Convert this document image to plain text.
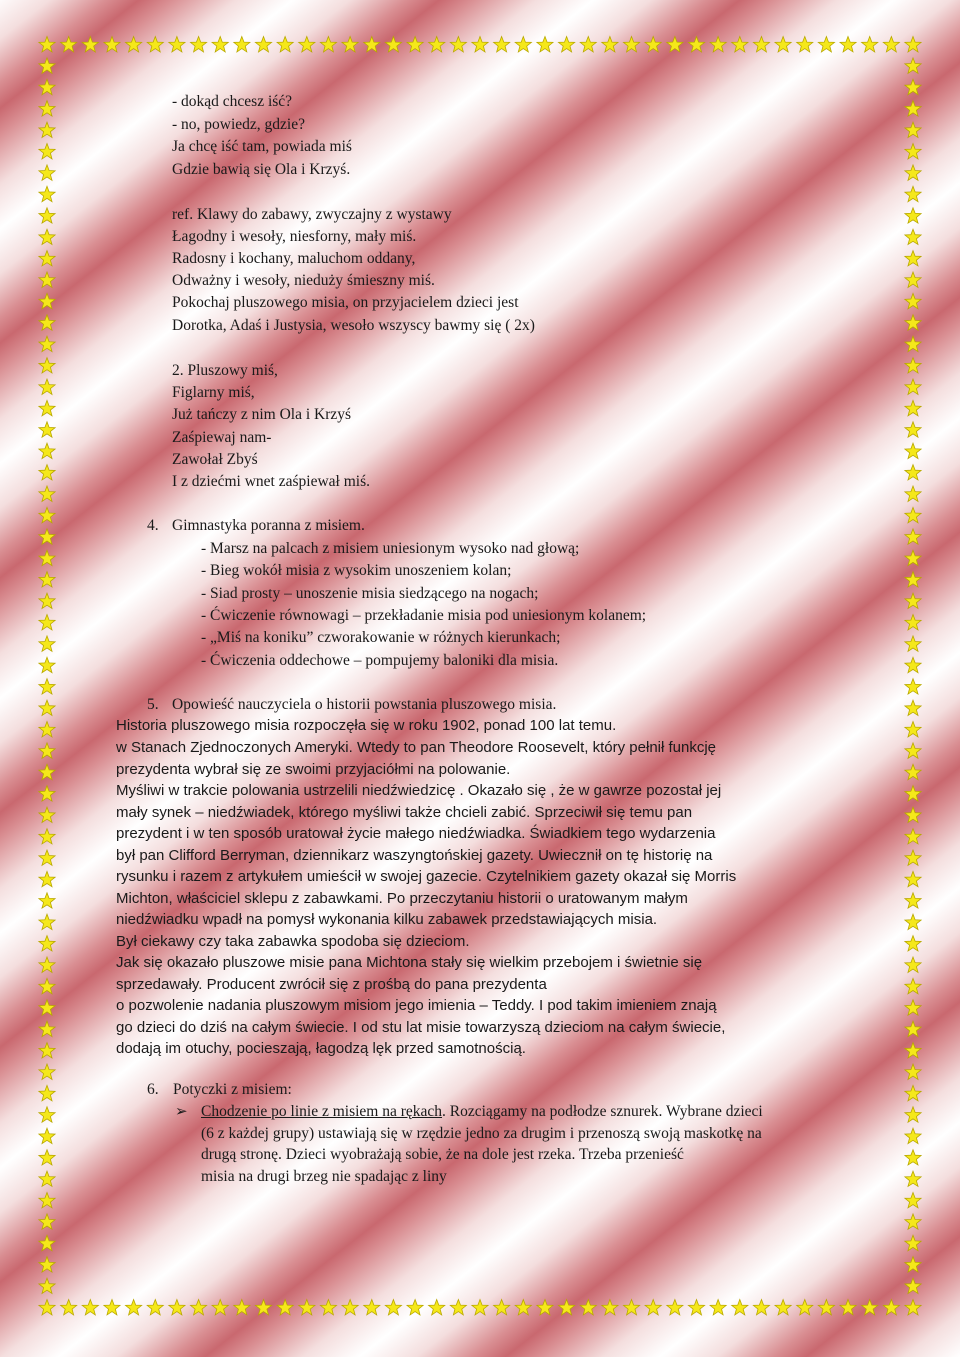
- dokąd chcesz iść?
- no, powiedz, gdzie?
Ja chcę iść tam, powiada miś
Gdzie bawią się Ola i Krzyś.
ref. Klawy do zabawy, zwyczajny z wystawy
Łagodny i wesoły, niesforny, mały miś.
Radosny i kochany, maluchom oddany,
Odważny i wesoły, nieduży śmieszny miś.
Pokochaj pluszowego misia, on przyjacielem dzieci jest
Dorotka, Adaś i Justysia, wesoło wszyscy bawmy się ( 2x)
2. Pluszowy miś,
Figlarny miś,
Już tańczy z nim Ola i Krzyś
Zaśpiewaj nam-
Zawołał Zbyś
I z dziećmi wnet zaśpiewał miś.
4. Gimnastyka poranna z misiem.
- Marsz na palcach z misiem uniesionym wysoko nad głową;
- Bieg wokół misia z wysokim unoszeniem kolan;
- Siad prosty – unoszenie misia siedzącego na nogach;
- Ćwiczenie równowagi – przekładanie misia pod uniesionym kolanem;
- „Miś na koniku” czworakowanie w różnych kierunkach;
- Ćwiczenia oddechowe – pompujemy baloniki dla misia.
5. Opowieść nauczyciela o historii powstania pluszowego misia.
Historia pluszowego misia rozpoczęła się w roku 1902, ponad 100 lat temu.
w Stanach Zjednoczonych Ameryki. Wtedy to pan Theodore Roosevelt, który pełnił funkcję
prezydenta wybrał się ze swoimi przyjaciółmi na polowanie.
Myśliwi w trakcie polowania ustrzelili niedźwiedzicę . Okazało się , że w gawrze pozostał jej
mały synek – niedźwiadek, którego myśliwi także chcieli zabić. Sprzeciwił się temu pan
prezydent i w ten sposób uratował życie małego niedźwiadka. Świadkiem tego wydarzenia
był pan Clifford Berryman, dziennikarz waszyngtońskiej gazety. Uwiecznił on tę historię na
rysunku i razem z artykułem umieścił w swojej gazecie. Czytelnikiem gazety okazał się Morris
Michton, właściciel sklepu z zabawkami. Po przeczytaniu historii o uratowanym małym
niedźwiadku wpadł na pomysł wykonania kilku zabawek przedstawiających misia.
Był ciekawy czy taka zabawka spodoba się dzieciom.
Jak się okazało pluszowe misie pana Michtona stały się wielkim przebojem i świetnie się
sprzedawały. Producent zwrócił się z prośbą do pana prezydenta
o pozwolenie nadania pluszowym misiom jego imienia – Teddy. I pod takim imieniem znają
go dzieci do dziś na całym świecie. I od stu lat misie towarzyszą dzieciom na całym świecie,
dodają im otuchy, pocieszają, łagodzą lęk przed samotnością.
6. Potyczki z misiem:
➢ Chodzenie po linie z misiem na rękach. Rozciągamy na podłodze sznurek. Wybrane dzieci
(6 z każdej grupy) ustawiają się w rzędzie jedno za drugim i przenoszą swoją maskotkę na
drugą stronę. Dzieci wyobrażają sobie, że na dole jest rzeka. Trzeba przenieść
misia na drugi brzeg nie spadając z liny
